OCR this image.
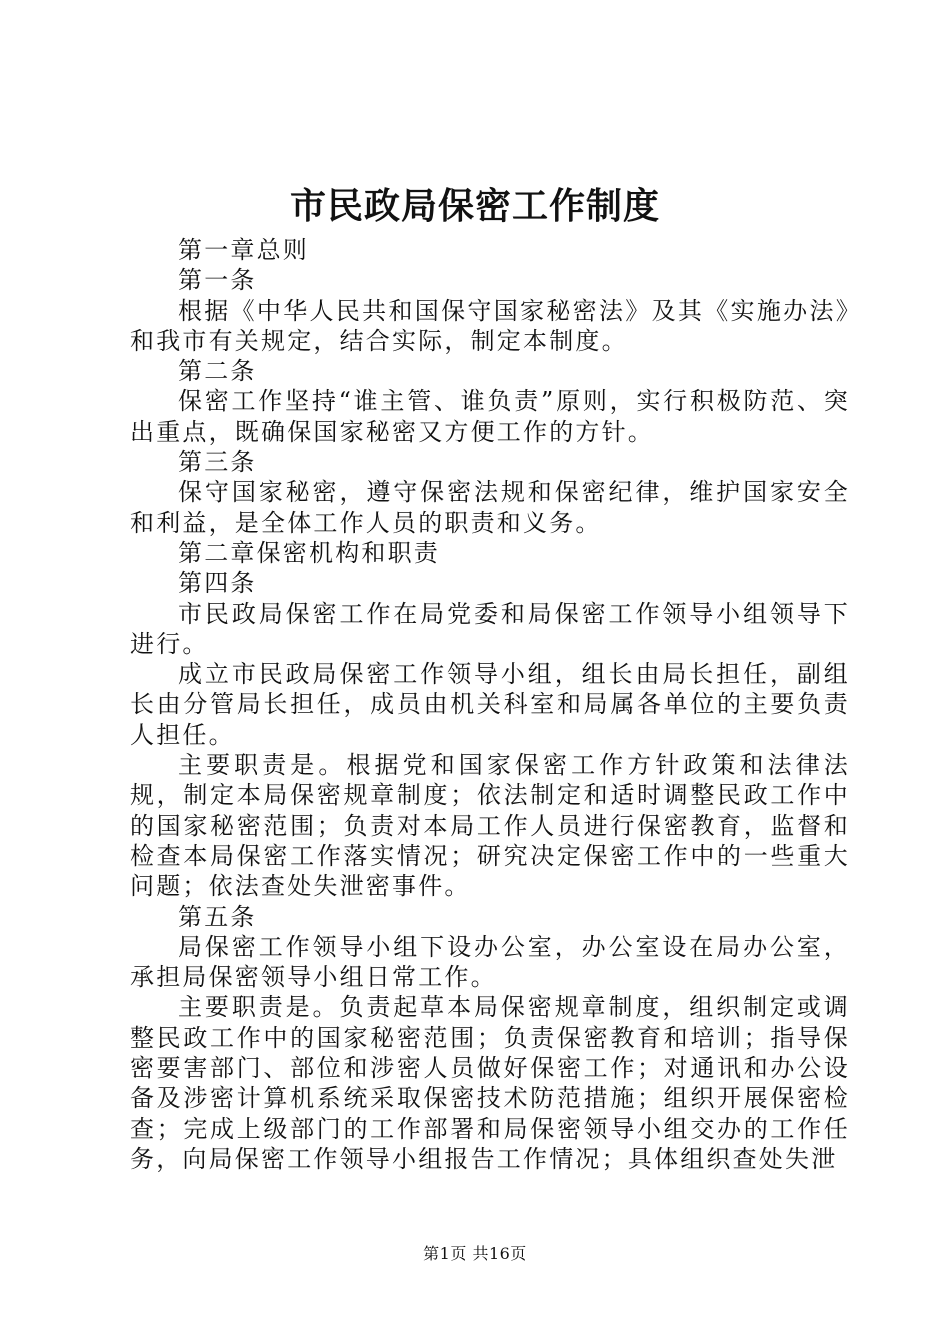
市民政局保密工作制度

第一章总则

第一条

根据《中华人民共和国保守国家秘密法》及其《实施办法》和我市有关规定，结合实际，制定本制度。

第二条

保密工作坚持“谁主管、谁负责”原则，实行积极防范、突出重点，既确保国家秘密又方便工作的方针。

第三条

保守国家秘密，遵守保密法规和保密纪律，维护国家安全和利益，是全体工作人员的职责和义务。

第二章保密机构和职责

第四条

市民政局保密工作在局党委和局保密工作领导小组领导下进行。

成立市民政局保密工作领导小组，组长由局长担任，副组长由分管局长担任，成员由机关科室和局属各单位的主要负责人担任。

主要职责是。根据党和国家保密工作方针政策和法律法规，制定本局保密规章制度；依法制定和适时调整民政工作中的国家秘密范围；负责对本局工作人员进行保密教育，监督和检查本局保密工作落实情况；研究决定保密工作中的一些重大问题；依法查处失泄密事件。

第五条

局保密工作领导小组下设办公室，办公室设在局办公室，承担局保密领导小组日常工作。

主要职责是。负责起草本局保密规章制度，组织制定或调整民政工作中的国家秘密范围；负责保密教育和培训；指导保密要害部门、部位和涉密人员做好保密工作；对通讯和办公设备及涉密计算机系统采取保密技术防范措施；组织开展保密检查；完成上级部门的工作部署和局保密领导小组交办的工作任务，向局保密工作领导小组报告工作情况；具体组织查处失泄

第1页 共16页
